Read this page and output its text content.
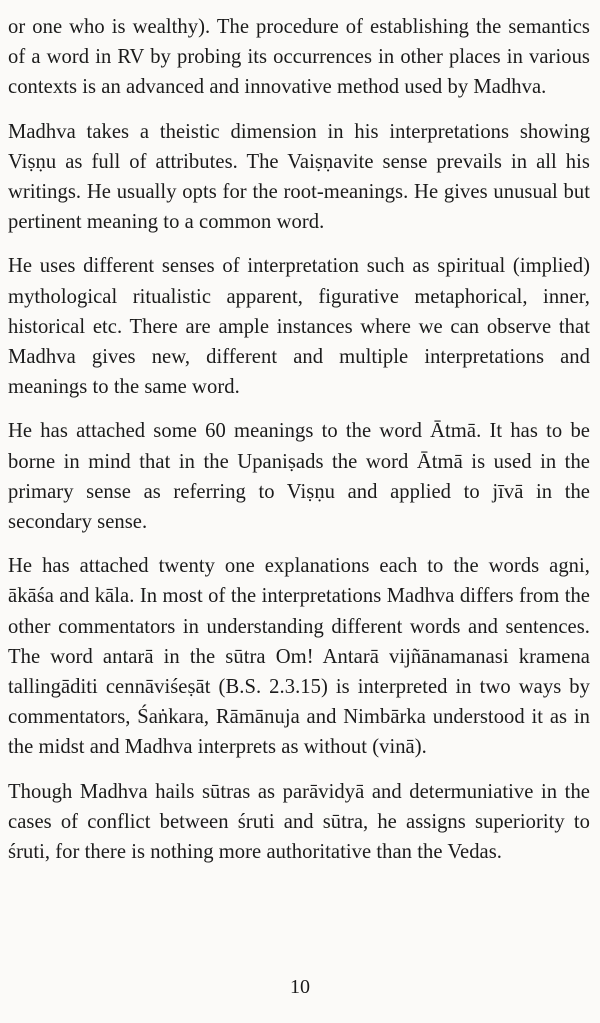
or one who is wealthy). The procedure of establishing the semantics of a word in RV by probing its occurrences in other places in various contexts is an advanced and innovative method used by Madhva.

Madhva takes a theistic dimension in his interpretations showing Viṣṇu as full of attributes. The Vaiṣṇavite sense prevails in all his writings. He usually opts for the root-meanings. He gives unusual but pertinent meaning to a common word.

He uses different senses of interpretation such as spiritual (implied) mythological ritualistic apparent, figurative metaphorical, inner, historical etc. There are ample instances where we can observe that Madhva gives new, different and multiple interpretations and meanings to the same word.

He has attached some 60 meanings to the word Ātmā. It has to be borne in mind that in the Upaniṣads the word Ātmā is used in the primary sense as referring to Viṣṇu and applied to jīvā in the secondary sense.

He has attached twenty one explanations each to the words agni, ākāśa and kāla. In most of the interpretations Madhva differs from the other commentators in understanding different words and sentences. The word antarā in the sūtra Om! Antarā vijñānamanasi kramena tallingāditi cennāviśeṣāt (B.S. 2.3.15) is interpreted in two ways by commentators, Śaṅkara, Rāmānuja and Nimbārka understood it as in the midst and Madhva interprets as without (vinā).

Though Madhva hails sūtras as parāvidyā and determuniative in the cases of conflict between śruti and sūtra, he assigns superiority to śruti, for there is nothing more authoritative than the Vedas.

10
